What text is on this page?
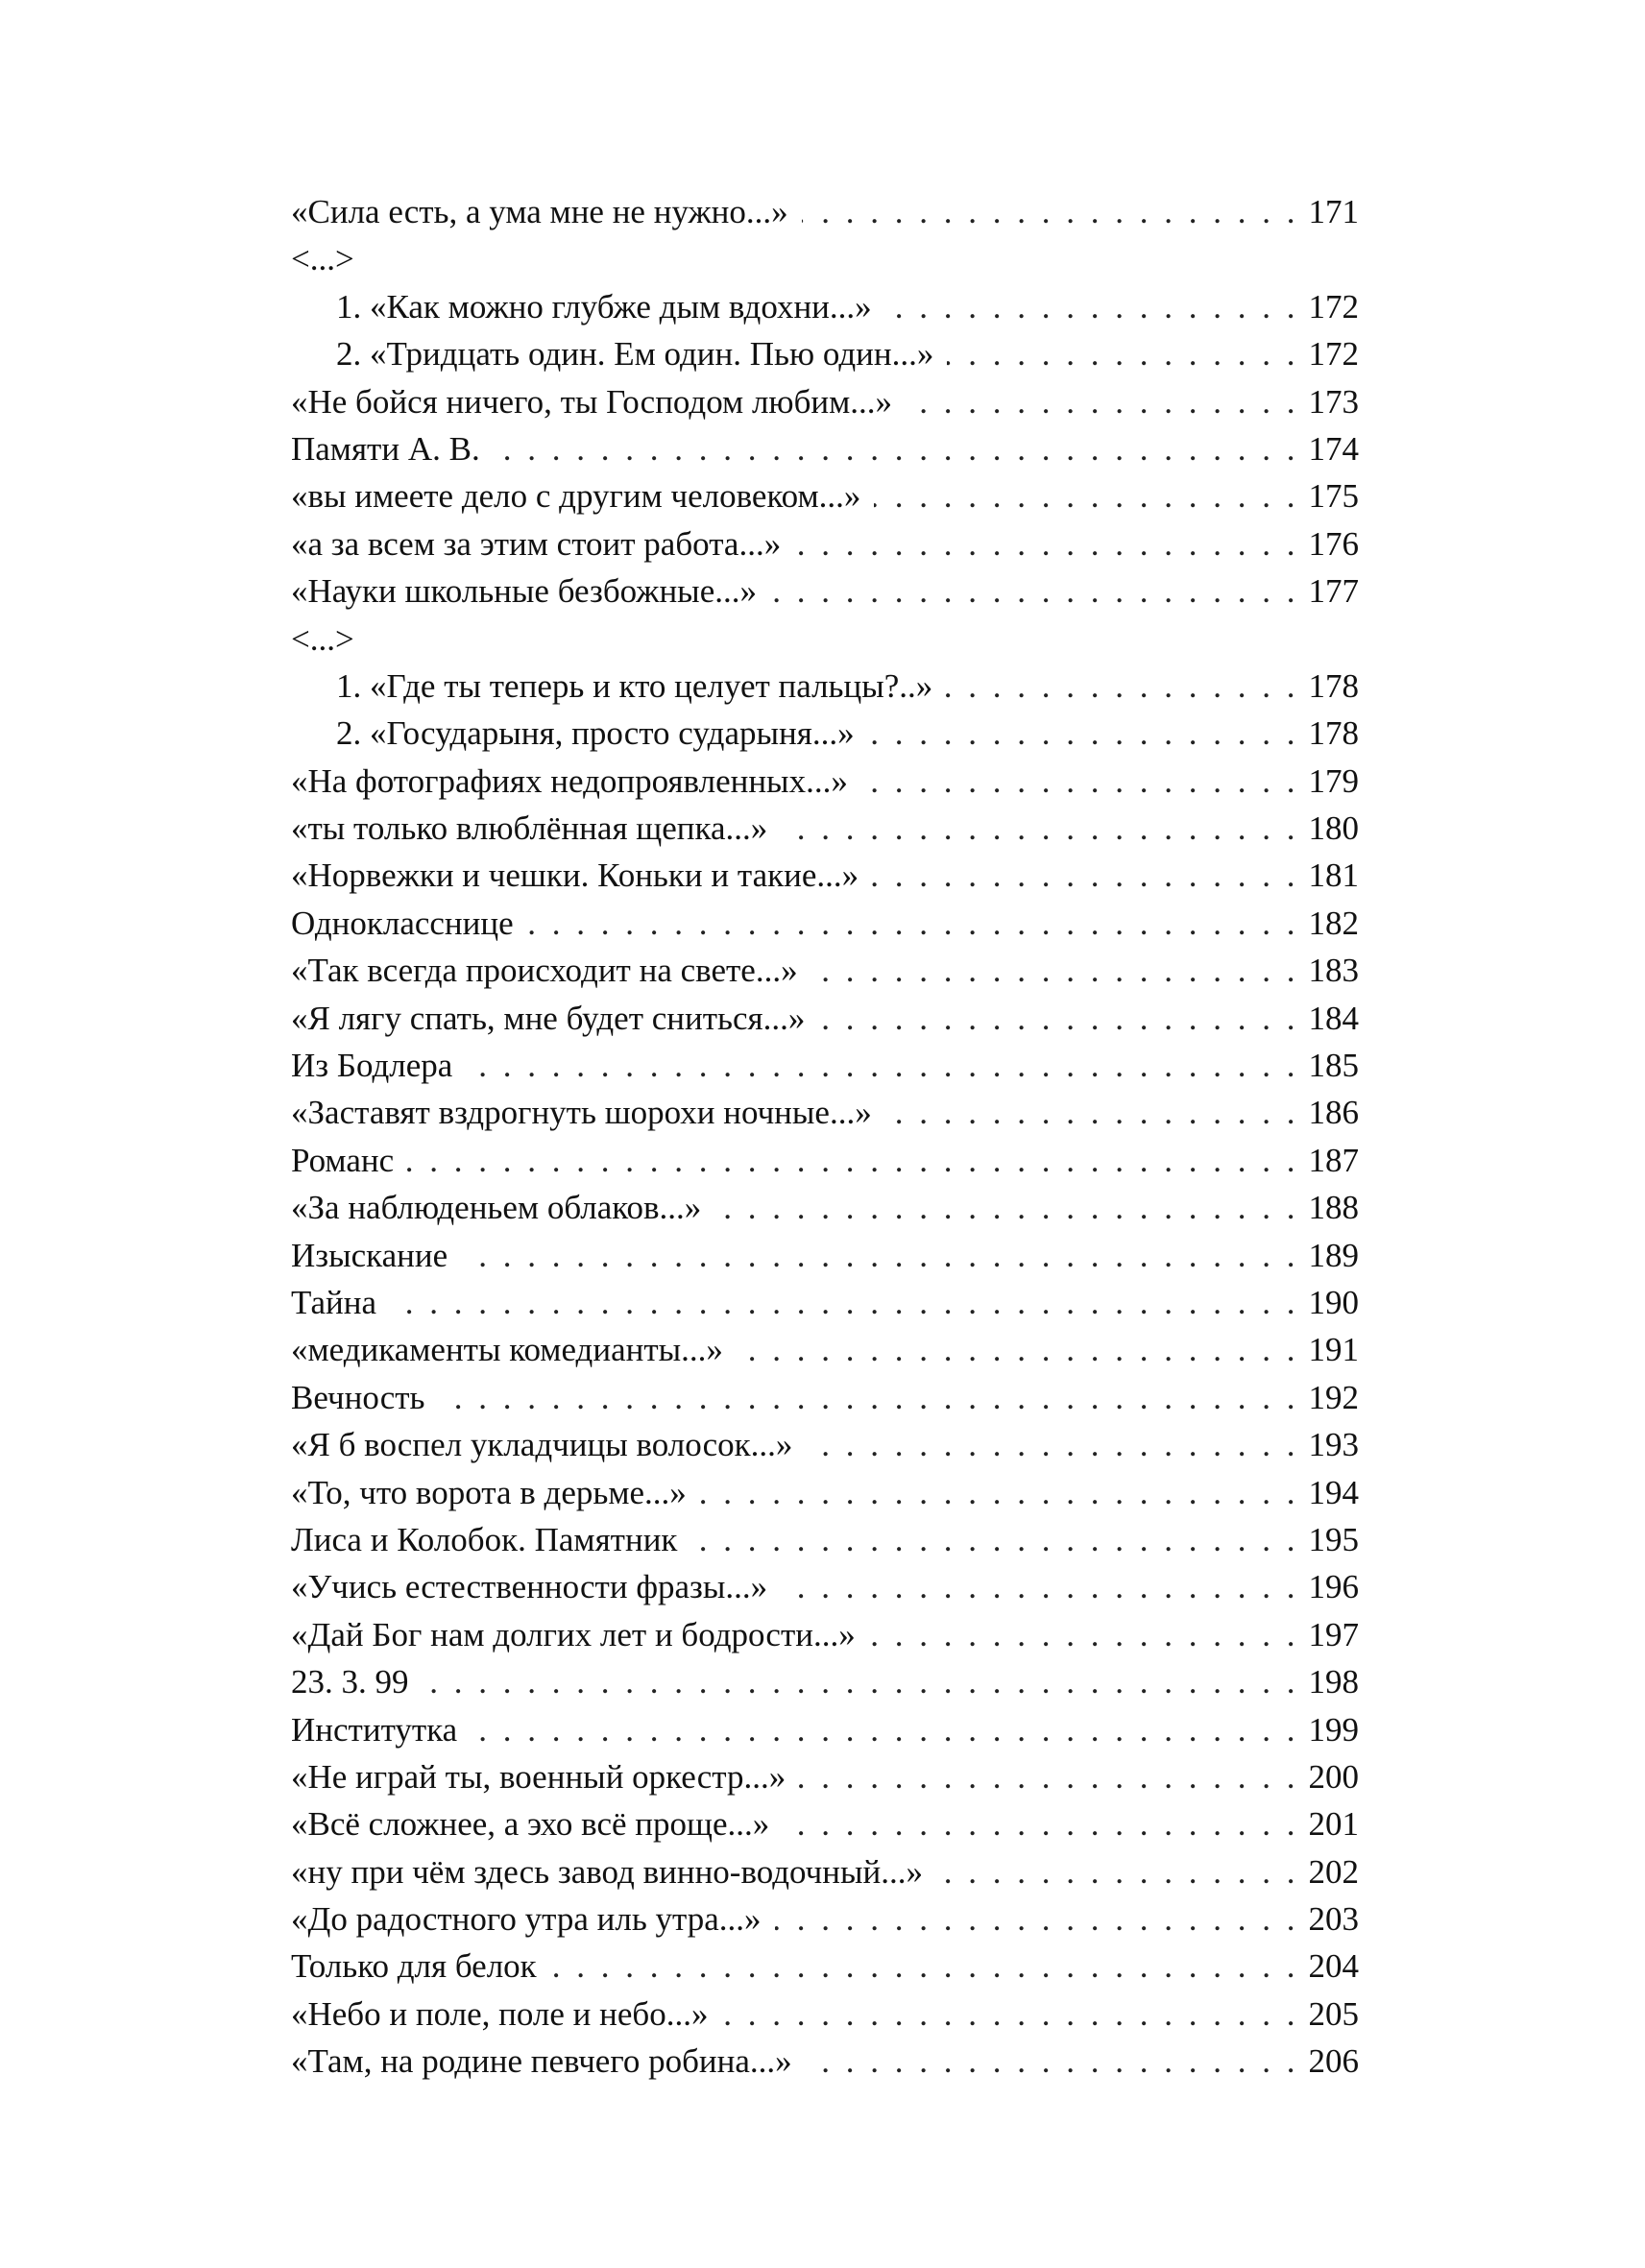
«Сила есть, а ума мне не нужно...» . . .	171
<...>
1. «Как можно глубже дым вдохни...» . . .	172
2. «Тридцать один. Ем один. Пью один...» . . .	172
«Не бойся ничего, ты Господом любим...» . . .	173
Памяти А. В. . . .	174
«вы имеете дело с другим человеком...» . . .	175
«а за всем за этим стоит работа...» . . .	176
«Науки школьные безбожные...» . . .	177
<...>
1. «Где ты теперь и кто целует пальцы?..» . . .	178
2. «Государыня, просто сударыня...» . . .	178
«На фотографиях недопроявленных...» . . .	179
«ты только влюблённая щепка...» . . .	180
«Норвежки и чешки. Коньки и такие...» . . .	181
Однокласснице . . .	182
«Так всегда происходит на свете...» . . .	183
«Я лягу спать, мне будет сниться...» . . .	184
Из Бодлера . . .	185
«Заставят вздрогнуть шорохи ночные...» . . .	186
Романс . . .	187
«За наблюденьем облаков...» . . .	188
Изыскание . . .	189
Тайна . . .	190
«медикаменты комедианты...» . . .	191
Вечность . . .	192
«Я б воспел укладчицы волосок...» . . .	193
«То, что ворота в дерьме...» . . .	194
Лиса и Колобок. Памятник . . .	195
«Учись естественности фразы...» . . .	196
«Дай Бог нам долгих лет и бодрости...» . . .	197
23. 3. 99 . . .	198
Институтка . . .	199
«Не играй ты, военный оркестр...» . . .	200
«Всё сложнее, а эхо всё проще...» . . .	201
«ну при чём здесь завод винно-водочный...» . . .	202
«До радостного утра иль утра...» . . .	203
Только для белок . . .	204
«Небо и поле, поле и небо...» . . .	205
«Там, на родине певчего робина...» . . .	206
